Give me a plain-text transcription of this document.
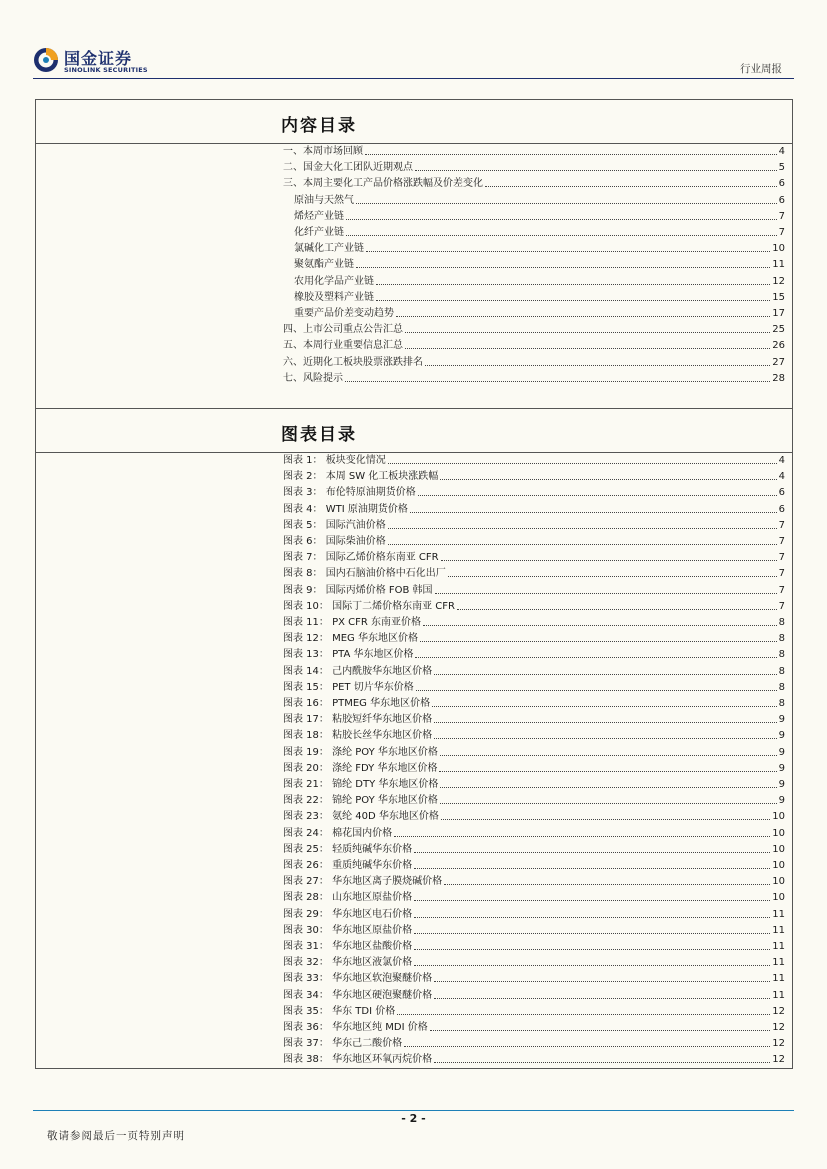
国金证券
SINOLINK SECURITIES	行业周报
内容目录
一、本周市场回顾	4
二、国金大化工团队近期观点	5
三、本周主要化工产品价格涨跌幅及价差变化	6
原油与天然气	6
烯烃产业链	7
化纤产业链	7
氯碱化工产业链	10
聚氨酯产业链	11
农用化学品产业链	12
橡胶及塑料产业链	15
重要产品价差变动趋势	17
四、上市公司重点公告汇总	25
五、本周行业重要信息汇总	26
六、近期化工板块股票涨跌排名	27
七、风险提示	28
图表目录
图表 1： 板块变化情况	4
图表 2： 本周 SW 化工板块涨跌幅	4
图表 3： 布伦特原油期货价格	6
图表 4： WTI 原油期货价格	6
图表 5： 国际汽油价格	7
图表 6： 国际柴油价格	7
图表 7： 国际乙烯价格东南亚 CFR	7
图表 8： 国内石脑油价格中石化出厂	7
图表 9： 国际丙烯价格 FOB 韩国	7
图表 10： 国际丁二烯价格东南亚 CFR	7
图表 11： PX CFR 东南亚价格	8
图表 12： MEG 华东地区价格	8
图表 13： PTA 华东地区价格	8
图表 14： 己内酰胺华东地区价格	8
图表 15： PET 切片华东价格	8
图表 16： PTMEG 华东地区价格	8
图表 17： 粘胶短纤华东地区价格	9
图表 18： 粘胶长丝华东地区价格	9
图表 19： 涤纶 POY 华东地区价格	9
图表 20： 涤纶 FDY 华东地区价格	9
图表 21： 锦纶 DTY 华东地区价格	9
图表 22： 锦纶 POY 华东地区价格	9
图表 23： 氨纶 40D 华东地区价格	10
图表 24： 棉花国内价格	10
图表 25： 轻质纯碱华东价格	10
图表 26： 重质纯碱华东价格	10
图表 27： 华东地区离子膜烧碱价格	10
图表 28： 山东地区原盐价格	10
图表 29： 华东地区电石价格	11
图表 30： 华东地区原盐价格	11
图表 31： 华东地区盐酸价格	11
图表 32： 华东地区液氯价格	11
图表 33： 华东地区软泡聚醚价格	11
图表 34： 华东地区硬泡聚醚价格	11
图表 35： 华东 TDI 价格	12
图表 36： 华东地区纯 MDI 价格	12
图表 37： 华东己二酸价格	12
图表 38： 华东地区环氧丙烷价格	12
- 2 -
敬请参阅最后一页特别声明
